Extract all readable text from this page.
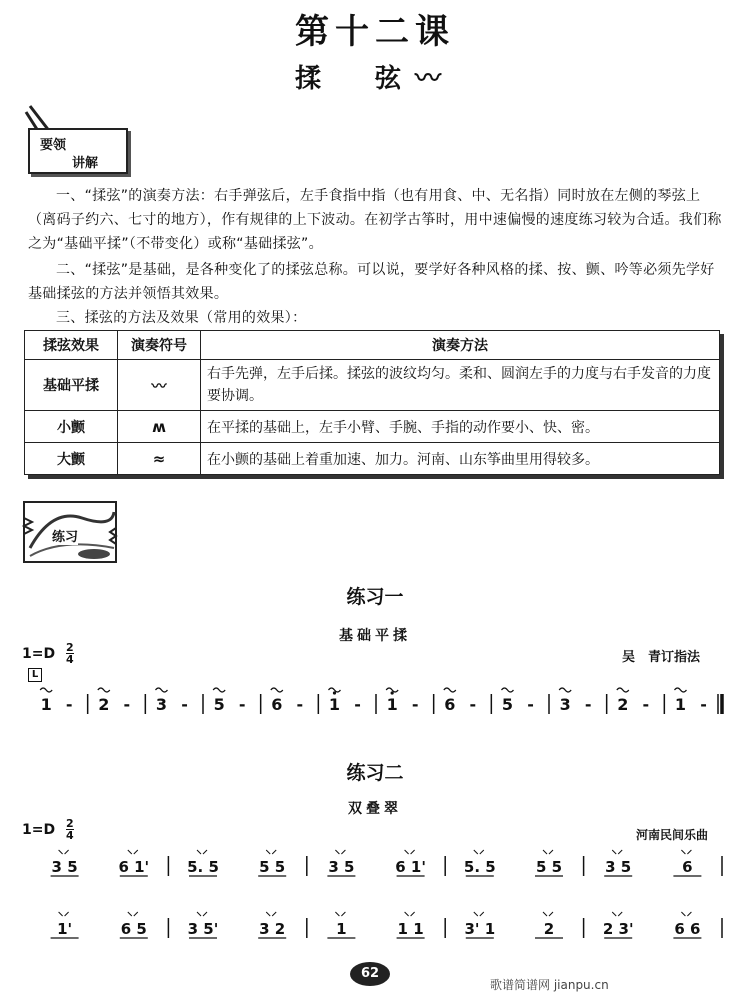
第十二课
揉　弦〰
要领
讲解

一、“揉弦”的演奏方法：右手弹弦后，左手食指中指（也有用食、中、无名指）同时放在左侧的琴弦上（离码子约六、七寸的地方），作有规律的上下波动。在初学古筝时，用中速偏慢的速度练习较为合适。我们称之为“基础平揉”（不带变化）或称“基础揉弦”。

二、“揉弦”是基础，是各种变化了的揉弦总称。可以说，要学好各种风格的揉、按、颤、吟等必须先学好基础揉弦的方法并领悟其效果。

三、揉弦的方法及效果（常用的效果）：

揉弦效果	演奏符号	演奏方法
基础平揉	〰	右手先弹，左手后揉。揉弦的波纹均匀。柔和、圆润左手的力度与右手发音的力度要协调。
小颤	ʍ	在平揉的基础上，左手小臂、手腕、手指的动作要小、快、密。
大颤	≈	在小颤的基础上着重加速、加力。河南、山东筝曲里用得较多。
练习
练习一
基础平揉
1=D 2
4	吴　青订指法
L
1 - 2 - 3 - 5 - 6 - 1 - 1 - 6 - 5 - 3 - 2 - 1 -
3 5	6 1'	5. 5	5 5	3 5	6 1'	5. 5	5 5	3 5	6
1'	6 5	3 5'	3 2	1	1 1	3' 1	2	2 3'	6 6
练习二
双叠翠
1=D 2
4	河南民间乐曲
62
歌谱简谱网 jianpu.cn
